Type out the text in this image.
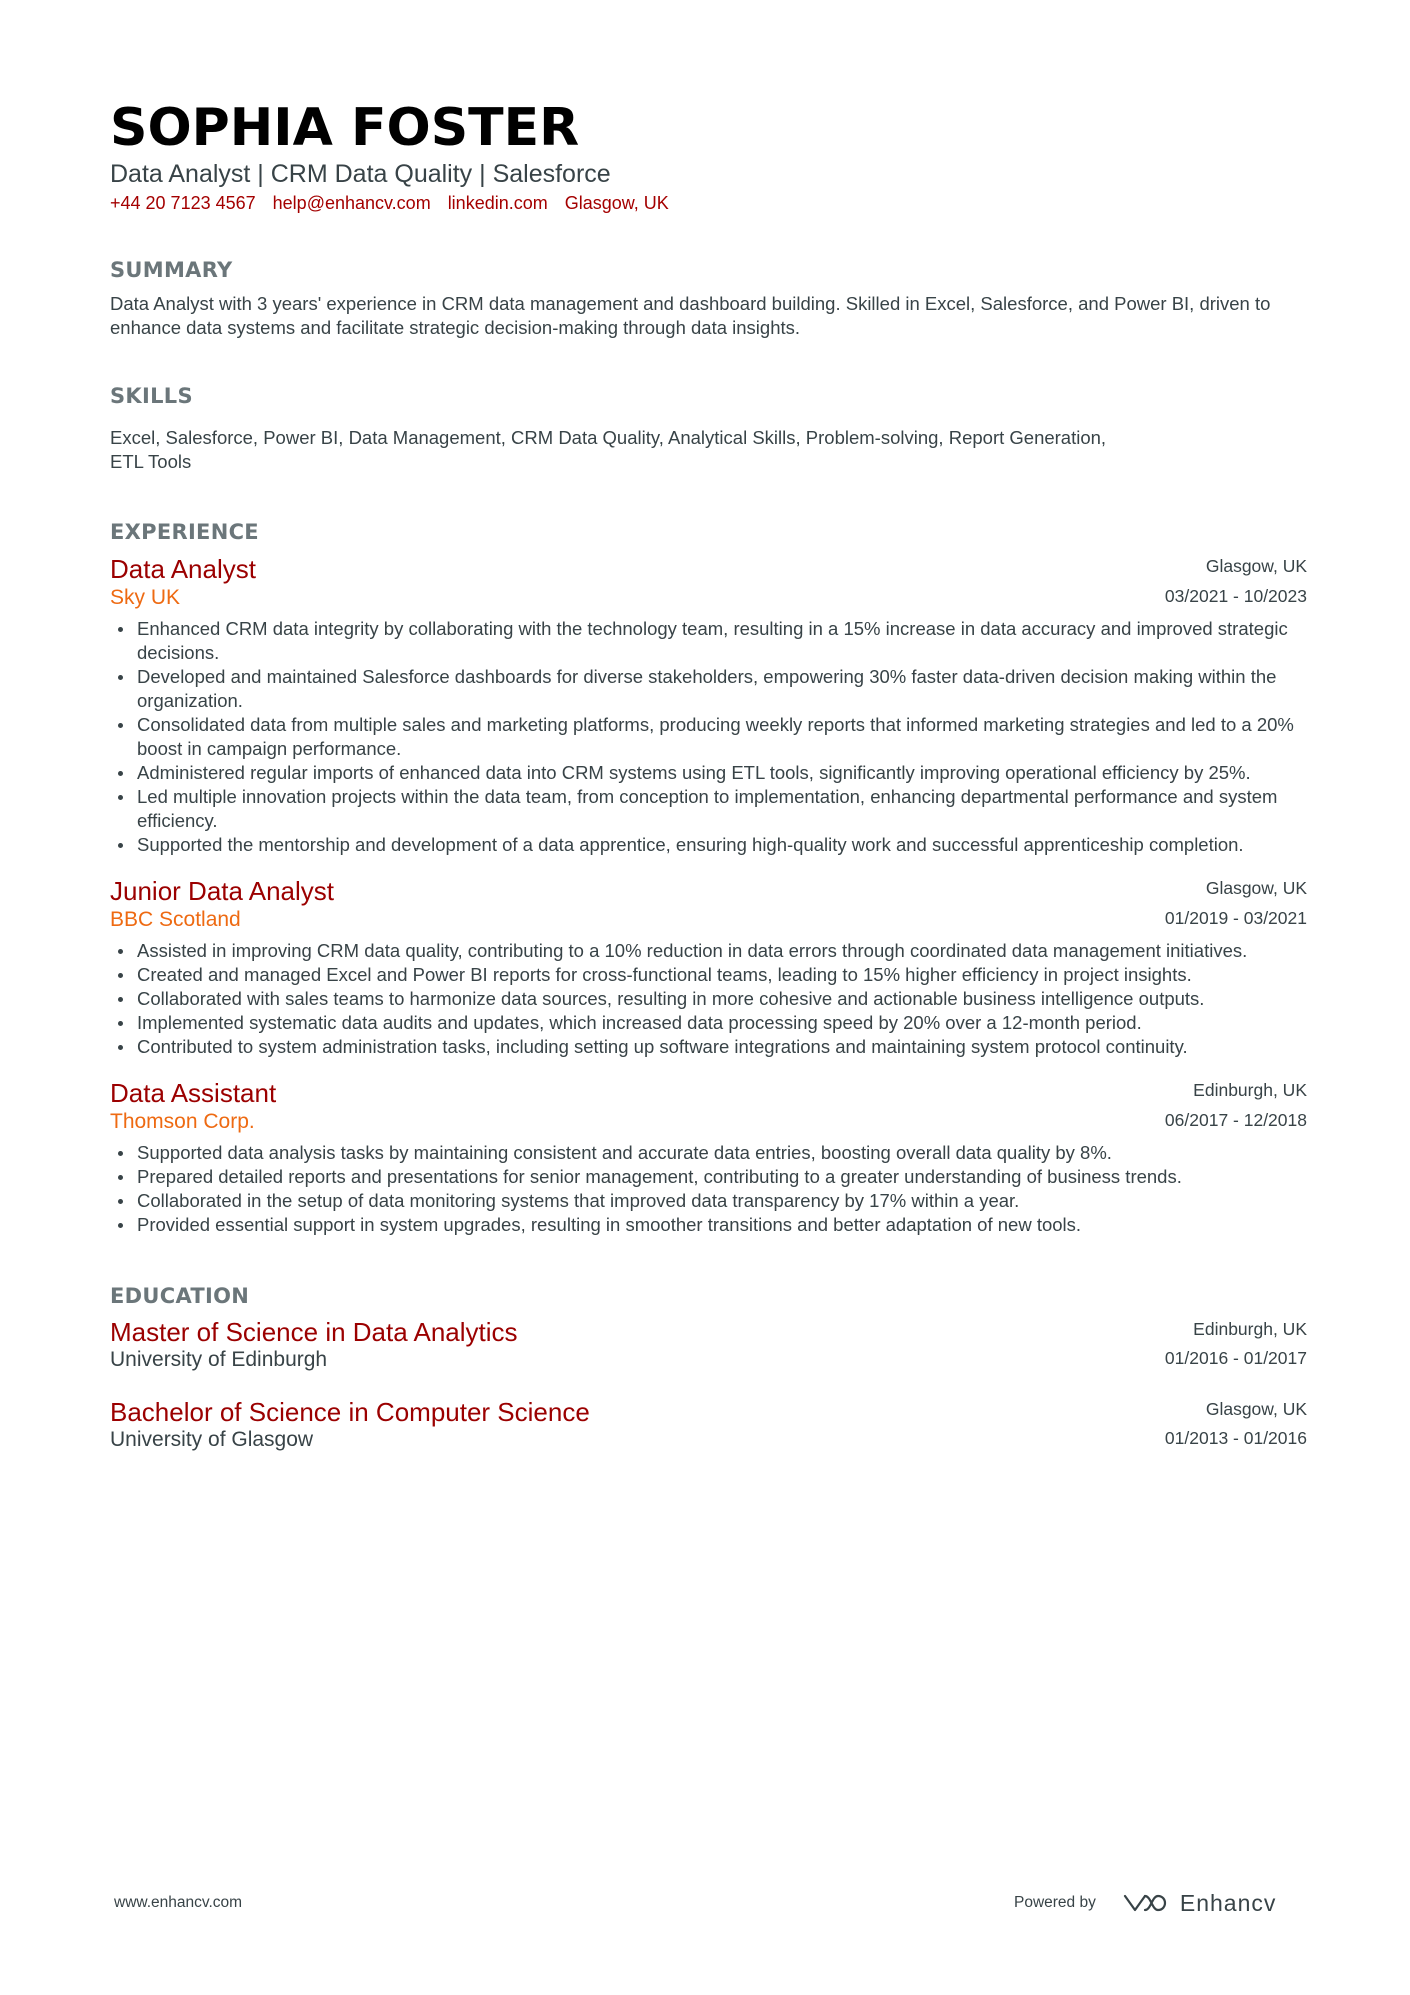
SOPHIA FOSTER
Data Analyst | CRM Data Quality | Salesforce
+44 20 7123 4567 help@enhancv.com linkedin.com Glasgow, UK
SUMMARY
Data Analyst with 3 years' experience in CRM data management and dashboard building. Skilled in Excel, Salesforce, and Power BI, driven to enhance data systems and facilitate strategic decision-making through data insights.
SKILLS
Excel, Salesforce, Power BI, Data Management, CRM Data Quality, Analytical Skills, Problem-solving, Report Generation,
ETL Tools
EXPERIENCE
Data Analyst
Sky UK
Glasgow, UK
03/2021 - 10/2023
Enhanced CRM data integrity by collaborating with the technology team, resulting in a 15% increase in data accuracy and improved strategic decisions.
Developed and maintained Salesforce dashboards for diverse stakeholders, empowering 30% faster data-driven decision making within the organization.
Consolidated data from multiple sales and marketing platforms, producing weekly reports that informed marketing strategies and led to a 20% boost in campaign performance.
Administered regular imports of enhanced data into CRM systems using ETL tools, significantly improving operational efficiency by 25%.
Led multiple innovation projects within the data team, from conception to implementation, enhancing departmental performance and system efficiency.
Supported the mentorship and development of a data apprentice, ensuring high-quality work and successful apprenticeship completion.
Junior Data Analyst
BBC Scotland
Glasgow, UK
01/2019 - 03/2021
Assisted in improving CRM data quality, contributing to a 10% reduction in data errors through coordinated data management initiatives.
Created and managed Excel and Power BI reports for cross-functional teams, leading to 15% higher efficiency in project insights.
Collaborated with sales teams to harmonize data sources, resulting in more cohesive and actionable business intelligence outputs.
Implemented systematic data audits and updates, which increased data processing speed by 20% over a 12-month period.
Contributed to system administration tasks, including setting up software integrations and maintaining system protocol continuity.
Data Assistant
Thomson Corp.
Edinburgh, UK
06/2017 - 12/2018
Supported data analysis tasks by maintaining consistent and accurate data entries, boosting overall data quality by 8%.
Prepared detailed reports and presentations for senior management, contributing to a greater understanding of business trends.
Collaborated in the setup of data monitoring systems that improved data transparency by 17% within a year.
Provided essential support in system upgrades, resulting in smoother transitions and better adaptation of new tools.
EDUCATION
Master of Science in Data Analytics
University of Edinburgh
Edinburgh, UK
01/2016 - 01/2017
Bachelor of Science in Computer Science
University of Glasgow
Glasgow, UK
01/2013 - 01/2016
www.enhancv.com	Powered by	Enhancv
